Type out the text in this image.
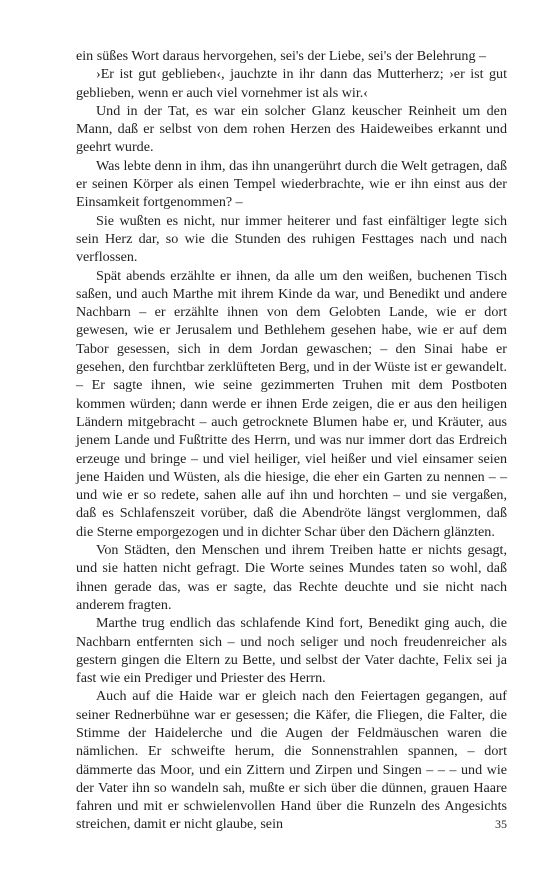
ein süßes Wort daraus hervorgehen, sei's der Liebe, sei's der Belehrung –

›Er ist gut geblieben‹, jauchzte in ihr dann das Mutterherz; ›er ist gut geblieben, wenn er auch viel vornehmer ist als wir.‹

Und in der Tat, es war ein solcher Glanz keuscher Reinheit um den Mann, daß er selbst von dem rohen Herzen des Haideweibes erkannt und geehrt wurde.

Was lebte denn in ihm, das ihn unangerührt durch die Welt getragen, daß er seinen Körper als einen Tempel wiederbrachte, wie er ihn einst aus der Einsamkeit fortgenommen? –

Sie wußten es nicht, nur immer heiterer und fast einfältiger legte sich sein Herz dar, so wie die Stunden des ruhigen Festtages nach und nach verflossen.

Spät abends erzählte er ihnen, da alle um den weißen, buchenen Tisch saßen, und auch Marthe mit ihrem Kinde da war, und Benedikt und andere Nachbarn – er erzählte ihnen von dem Gelobten Lande, wie er dort gewesen, wie er Jerusalem und Bethlehem gesehen habe, wie er auf dem Tabor gesessen, sich in dem Jordan gewaschen; – den Sinai habe er gesehen, den furchtbar zerklüfteten Berg, und in der Wüste ist er gewandelt. – Er sagte ihnen, wie seine gezimmerten Truhen mit dem Postboten kommen würden; dann werde er ihnen Erde zeigen, die er aus den heiligen Ländern mitgebracht – auch getrocknete Blumen habe er, und Kräuter, aus jenem Lande und Fußtritte des Herrn, und was nur immer dort das Erdreich erzeuge und bringe – und viel heiliger, viel heißer und viel einsamer seien jene Haiden und Wüsten, als die hiesige, die eher ein Garten zu nennen – – und wie er so redete, sahen alle auf ihn und horchten – und sie vergaßen, daß es Schlafenszeit vorüber, daß die Abendröte längst verglommen, daß die Sterne emporgezogen und in dichter Schar über den Dächern glänzten.

Von Städten, den Menschen und ihrem Treiben hatte er nichts gesagt, und sie hatten nicht gefragt. Die Worte seines Mundes taten so wohl, daß ihnen gerade das, was er sagte, das Rechte deuchte und sie nicht nach anderem fragten.

Marthe trug endlich das schlafende Kind fort, Benedikt ging auch, die Nachbarn entfernten sich – und noch seliger und noch freudenreicher als gestern gingen die Eltern zu Bette, und selbst der Vater dachte, Felix sei ja fast wie ein Prediger und Priester des Herrn.

Auch auf die Haide war er gleich nach den Feiertagen gegangen, auf seiner Rednerbühne war er gesessen; die Käfer, die Fliegen, die Falter, die Stimme der Haidelerche und die Augen der Feldmäuschen waren die nämlichen. Er schweifte herum, die Sonnenstrahlen spannen, – dort dämmerte das Moor, und ein Zittern und Zirpen und Singen – – – und wie der Vater ihn so wandeln sah, mußte er sich über die dünnen, grauen Haare fahren und mit er schwielenvollen Hand über die Runzeln des Angesichts streichen, damit er nicht glaube, sein	35
